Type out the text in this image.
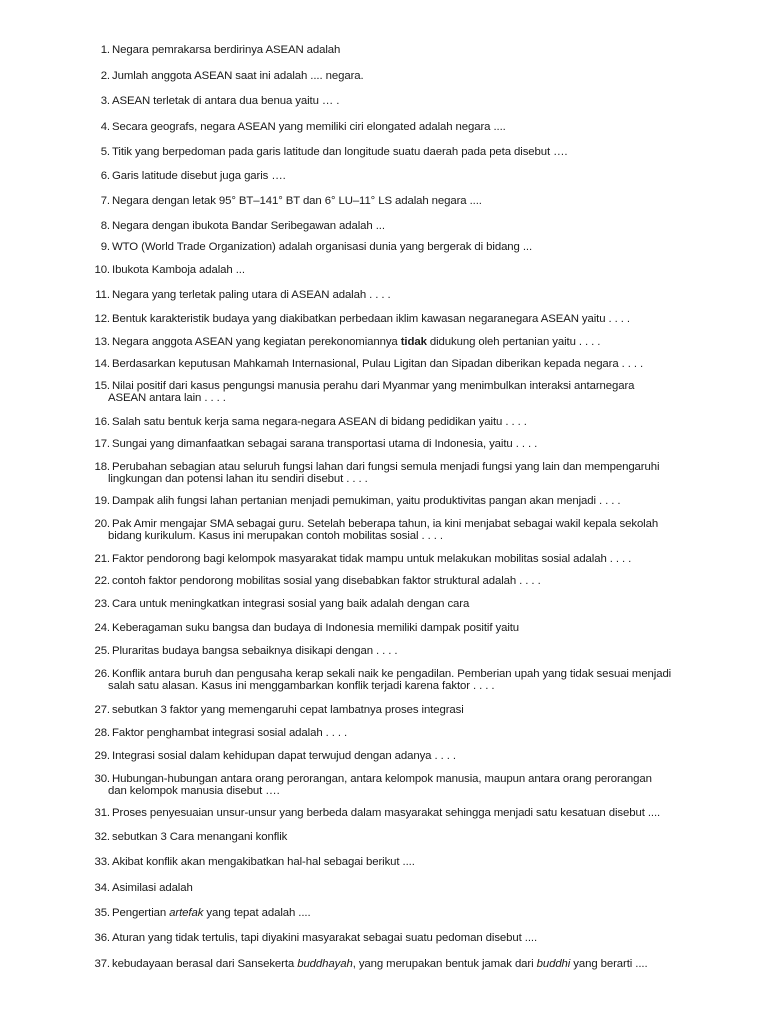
1. Negara pemrakarsa berdirinya ASEAN adalah
2. Jumlah anggota ASEAN saat ini adalah .... negara.
3. ASEAN terletak di antara dua benua yaitu … .
4. Secara geografs, negara ASEAN yang memiliki ciri elongated adalah negara ....
5. Titik yang berpedoman pada garis latitude dan longitude suatu daerah pada peta disebut ….
6. Garis latitude disebut juga garis ….
7. Negara dengan letak 95° BT–141° BT dan 6° LU–11° LS adalah negara ....
8. Negara dengan ibukota Bandar Seribegawan adalah ...
9. WTO (World Trade Organization) adalah organisasi dunia yang bergerak di bidang ...
10. Ibukota Kamboja adalah ...
11. Negara yang terletak paling utara di ASEAN adalah . . . .
12. Bentuk karakteristik budaya yang diakibatkan perbedaan iklim kawasan negaranegara ASEAN yaitu . . . .
13. Negara anggota ASEAN yang kegiatan perekonomiannya tidak didukung oleh pertanian yaitu . . . .
14. Berdasarkan keputusan Mahkamah Internasional, Pulau Ligitan dan Sipadan diberikan kepada negara . . . .
15. Nilai positif dari kasus pengungsi manusia perahu dari Myanmar yang menimbulkan interaksi antarnegara
ASEAN antara lain . . . .
16. Salah satu bentuk kerja sama negara-negara ASEAN di bidang pedidikan yaitu . . . .
17. Sungai yang dimanfaatkan sebagai sarana transportasi utama di Indonesia, yaitu . . . .
18. Perubahan sebagian atau seluruh fungsi lahan dari fungsi semula menjadi fungsi yang lain dan mempengaruhi
lingkungan dan potensi lahan itu sendiri disebut . . . .
19. Dampak alih fungsi lahan pertanian menjadi pemukiman, yaitu produktivitas pangan akan menjadi . . . .
20. Pak Amir mengajar SMA sebagai guru. Setelah beberapa tahun, ia kini menjabat sebagai wakil kepala sekolah
bidang kurikulum. Kasus ini merupakan contoh mobilitas sosial . . . .
21. Faktor pendorong bagi kelompok masyarakat tidak mampu untuk melakukan mobilitas sosial adalah . . . .
22. contoh faktor pendorong mobilitas sosial yang disebabkan faktor struktural adalah . . . .
23. Cara untuk meningkatkan integrasi sosial yang baik adalah dengan cara
24. Keberagaman suku bangsa dan budaya di Indonesia memiliki dampak positif yaitu
25. Pluraritas budaya bangsa sebaiknya disikapi dengan . . . .
26. Konflik antara buruh dan pengusaha kerap sekali naik ke pengadilan. Pemberian upah yang tidak sesuai menjadi
salah satu alasan. Kasus ini menggambarkan konflik terjadi karena faktor . . . .
27. sebutkan 3 faktor yang memengaruhi cepat lambatnya proses integrasi
28. Faktor penghambat integrasi sosial adalah . . . .
29. Integrasi sosial dalam kehidupan dapat terwujud dengan adanya . . . .
30. Hubungan-hubungan antara orang perorangan, antara kelompok manusia, maupun antara orang perorangan
dan kelompok manusia disebut ….
31. Proses penyesuaian unsur-unsur yang berbeda dalam masyarakat sehingga menjadi satu kesatuan disebut ....
32. sebutkan 3 Cara menangani konflik
33. Akibat konflik akan mengakibatkan hal-hal sebagai berikut ....
34. Asimilasi adalah
35. Pengertian artefak yang tepat adalah ....
36. Aturan yang tidak tertulis, tapi diyakini masyarakat sebagai suatu pedoman disebut ....
37. kebudayaan berasal dari Sansekerta buddhayah, yang merupakan bentuk jamak dari buddhi yang berarti ....
